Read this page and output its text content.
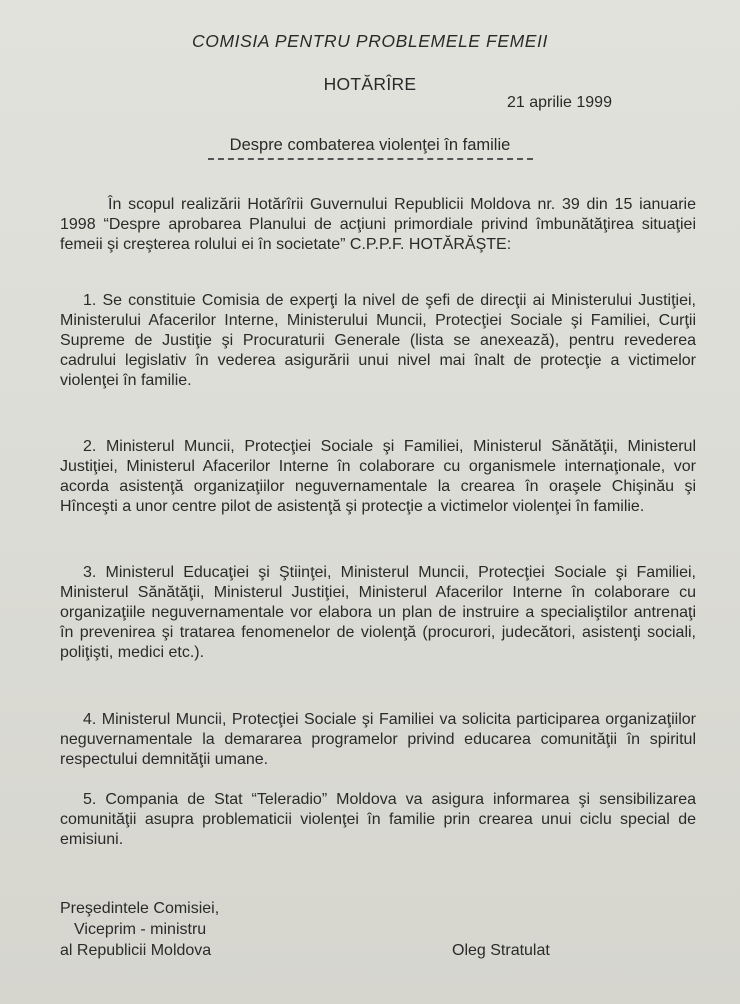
COMISIA PENTRU PROBLEMELE FEMEII
HOTĂRÎRE
21 aprilie 1999
Despre combaterea violenţei în familie

În scopul realizării Hotărîrii Guvernului Republicii Moldova nr. 39 din 15 ianuarie 1998 “Despre aprobarea Planului de acţiuni primordiale privind îmbunătăţirea situaţiei femeii şi creşterea rolului ei în societate” C.P.P.F. HOTĂRĂŞTE:

1. Se constituie Comisia de experţi la nivel de şefi de direcţii ai Ministerului Justiţiei, Ministerului Afacerilor Interne, Ministerului Muncii, Protecţiei Sociale şi Familiei, Curţii Supreme de Justiţie şi Procuraturii Generale (lista se anexează), pentru revederea cadrului legislativ în vederea asigurării unui nivel mai înalt de protecţie a victimelor violenţei în familie.

2. Ministerul Muncii, Protecţiei Sociale şi Familiei, Ministerul Sănătăţii, Ministerul Justiţiei, Ministerul Afacerilor Interne în colaborare cu organismele internaţionale, vor acorda asistenţă organizaţiilor neguvernamentale la crearea în oraşele Chişinău şi Hînceşti a unor centre pilot de asistenţă şi protecţie a victimelor violenţei în familie.

3. Ministerul Educaţiei şi Ştiinţei, Ministerul Muncii, Protecţiei Sociale şi Familiei, Ministerul Sănătăţii, Ministerul Justiţiei, Ministerul Afacerilor Interne în colaborare cu organizaţiile neguvernamentale vor elabora un plan de instruire a specialiştilor antrenaţi în prevenirea şi tratarea fenomenelor de violenţă (procurori, judecători, asistenţi sociali, poliţişti, medici etc.).

4. Ministerul Muncii, Protecţiei Sociale şi Familiei va solicita participarea organizaţiilor neguvernamentale la demararea programelor privind educarea comunităţii în spiritul respectului demnităţii umane.

5. Compania de Stat “Teleradio” Moldova va asigura informarea şi sensibilizarea comunităţii asupra problematicii violenţei în familie prin crearea unui ciclu special de emisiuni.

Preşedintele Comisiei,
Viceprim - ministru
al Republicii Moldova	Oleg Stratulat
